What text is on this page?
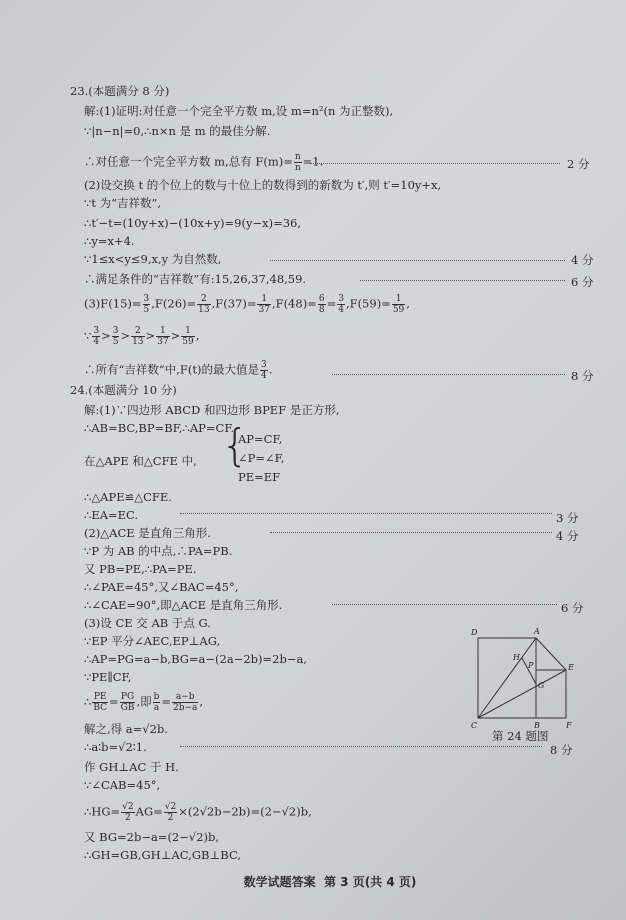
23.(本题满分 8 分)
解:(1)证明:对任意一个完全平方数 m,设 m=n²(n 为正整数),
∵|n−n|=0,∴n×n 是 m 的最佳分解.
∴对任意一个完全平方数 m,总有 $F(m)= \frac{n}{n} =1$.	2 分
(2)设交换 t 的个位上的数与十位上的数得到的新数为 t′,则 t′=10y+x,
∵t 为“吉祥数”,
∴t′−t=(10y+x)−(10x+y)=9(y−x)=36,
∴y=x+4.
∵1≤x<y≤9,x,y 为自然数,	4 分
∴满足条件的“吉祥数”有:15,26,37,48,59.	6 分
$(3)F(15)= \frac{3}{5} ,F(26)= \frac{2}{13} ,F(37)= \frac{1}{37} ,F(48)= \frac{6}{8} = \frac{3}{4} ,F(59)= \frac{1}{59}$ ,
∵ $\frac{3}{4} > \frac{3}{5} > \frac{2}{13} > \frac{1}{37} > \frac{1}{59}$ ,
∴所有“吉祥数”中,F(t)的最大值是 $\frac{3}{4}$ .	8 分
24.(本题满分 10 分)
解:(1)∵四边形 ABCD 和四边形 BPEF 是正方形,
∴AB=BC,BP=BF,∴AP=CF.
在△APE 和△CFE 中, {
AP=CF,
∠P=∠F,
PE=EF
∴△APE≌△CFE.
∴EA=EC.	3 分
(2)△ACE 是直角三角形.	4 分
∵P 为 AB 的中点,∴PA=PB.
又 PB=PE,∴PA=PE.
∴∠PAE=45°,又∠BAC=45°,
∴∠CAE=90°,即△ACE 是直角三角形.	6 分
(3)设 CE 交 AB 于点 G.
∵EP 平分∠AEC,EP⊥AG,
∴AP=PG=a−b,BG=a−(2a−2b)=2b−a,
∵PE∥CF,
∴ $\frac{PE}{BC} = \frac{PG}{GB}$ ,即 $\frac{b}{a} = \frac{a-b}{2b-a}$ ,
解之,得 a=√2b.
∴a∶b=√2∶1.	8 分
作 GH⊥AC 于 H.
∵∠CAB=45°,
∴HG= $\frac{√2}{2} AG= \frac{√2}{2} \times(2√2b-2b)=(2-√2)b$,
又 BG=2b−a=(2−√2)b,
∴GH=GB,GH⊥AC,GB⊥BC,
D	A
H
P	E
G
C	B	F
第 24 题图
数学试题答案 第 3 页(共 4 页)
